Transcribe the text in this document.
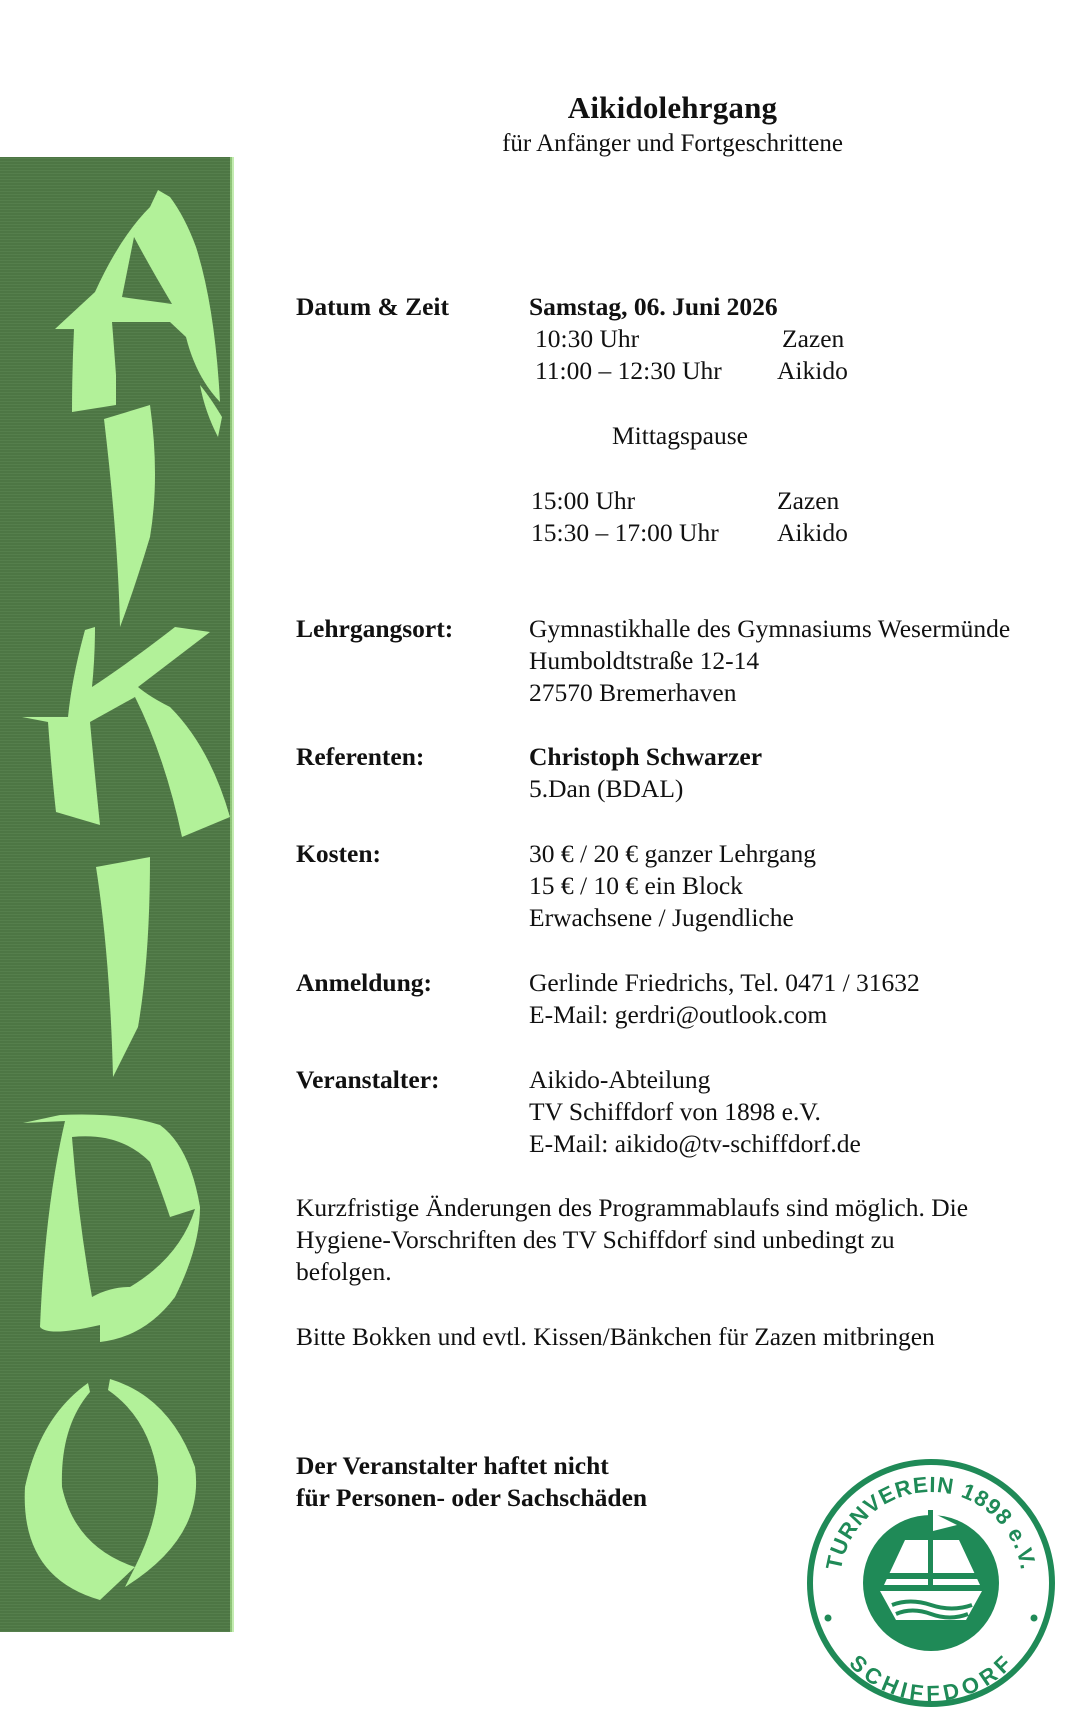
Aikidolehrgang
für Anfänger und Fortgeschrittene
Datum & Zeit	Samstag, 06. Juni 2026
10:30 Uhr	Zazen
11:00 – 12:30 Uhr Aikido
Mittagspause
15:00 Uhr	Zazen
15:30 – 17:00 Uhr Aikido
Lehrgangsort:	Gymnastikhalle des Gymnasiums Wesermünde
Humboldtstraße 12-14
27570 Bremerhaven
Referenten:	Christoph Schwarzer
5.Dan (BDAL)
Kosten:	30 € / 20 € ganzer Lehrgang
15 € / 10 € ein Block
Erwachsene / Jugendliche
Anmeldung:	Gerlinde Friedrichs, Tel. 0471 / 31632
E-Mail: gerdri@outlook.com
Veranstalter:	Aikido-Abteilung
TV Schiffdorf von 1898 e.V.
E-Mail: aikido@tv-schiffdorf.de
Kurzfristige Änderungen des Programmablaufs sind möglich. Die
Hygiene-Vorschriften des TV Schiffdorf sind unbedingt zu
befolgen.
Bitte Bokken und evtl. Kissen/Bänkchen für Zazen mitbringen
Der Veranstalter haftet nicht
für Personen- oder Sachschäden
TURNVEREIN 1898 e.V.
SCHIFFDORF
